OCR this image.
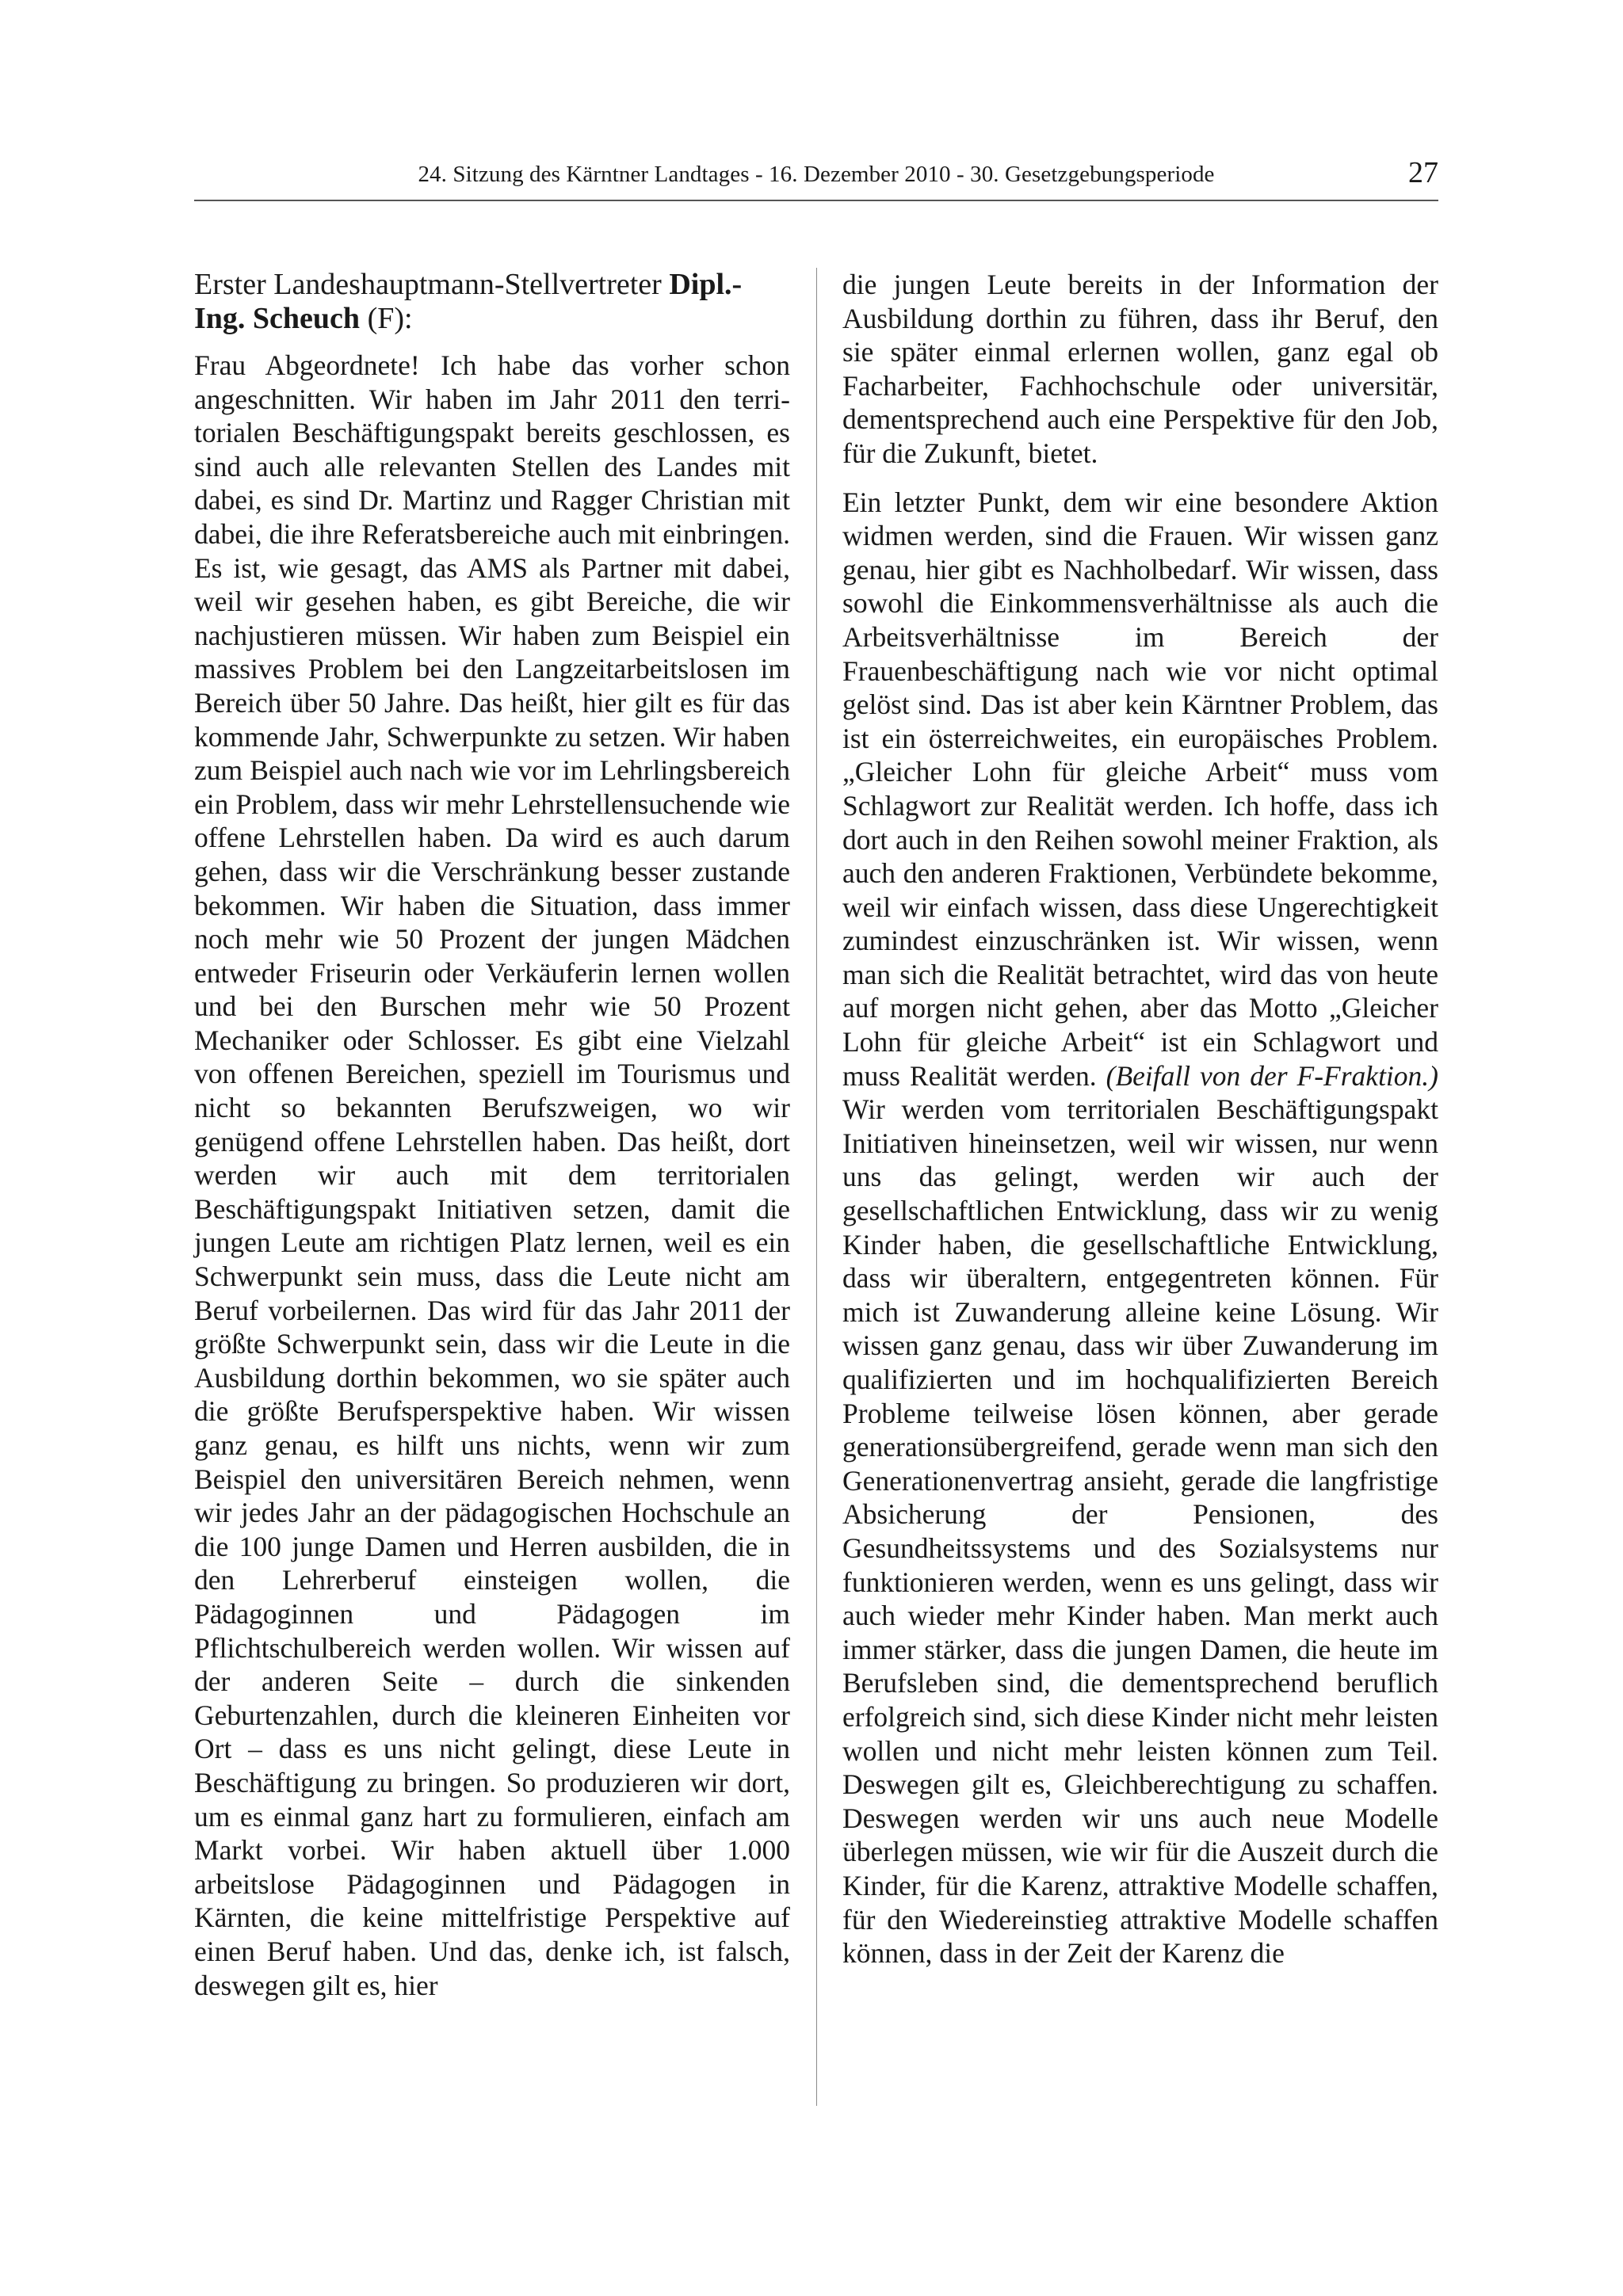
24. Sitzung des Kärntner Landtages - 16. Dezember 2010 - 30. Gesetzgebungsperiode	27
Erster Landeshauptmann-Stellvertreter Dipl.-Ing. Scheuch (F):

Frau Abgeordnete! Ich habe das vorher schon angeschnitten. Wir haben im Jahr 2011 den territorialen Beschäftigungspakt bereits geschlossen, es sind auch alle relevanten Stellen des Landes mit dabei, es sind Dr. Martinz und Ragger Christian mit dabei, die ihre Referatsbereiche auch mit einbringen. Es ist, wie gesagt, das AMS als Partner mit dabei, weil wir gesehen haben, es gibt Bereiche, die wir nachjustieren müssen. Wir haben zum Beispiel ein massives Problem bei den Langzeitarbeitslosen im Bereich über 50 Jahre. Das heißt, hier gilt es für das kommende Jahr, Schwerpunkte zu setzen. Wir haben zum Beispiel auch nach wie vor im Lehrlingsbereich ein Problem, dass wir mehr Lehrstellensuchende wie offene Lehrstellen haben. Da wird es auch darum gehen, dass wir die Verschränkung besser zustande bekommen. Wir haben die Situation, dass immer noch mehr wie 50 Prozent der jungen Mädchen entweder Friseurin oder Verkäuferin lernen wollen und bei den Burschen mehr wie 50 Prozent Mechaniker oder Schlosser. Es gibt eine Vielzahl von offenen Bereichen, speziell im Tourismus und nicht so bekannten Berufszweigen, wo wir genügend offene Lehrstellen haben. Das heißt, dort werden wir auch mit dem territorialen Beschäftigungspakt Initiativen setzen, damit die jungen Leute am richtigen Platz lernen, weil es ein Schwerpunkt sein muss, dass die Leute nicht am Beruf vorbeilernen. Das wird für das Jahr 2011 der größte Schwerpunkt sein, dass wir die Leute in die Ausbildung dorthin bekommen, wo sie später auch die größte Berufsperspektive haben. Wir wissen ganz genau, es hilft uns nichts, wenn wir zum Beispiel den universitären Bereich nehmen, wenn wir jedes Jahr an der pädagogischen Hochschule an die 100 junge Damen und Herren ausbilden, die in den Lehrerberuf einsteigen wollen, die Pädagoginnen und Pädagogen im Pflichtschulbereich werden wollen. Wir wissen auf der anderen Seite – durch die sinkenden Geburtenzahlen, durch die kleineren Einheiten vor Ort – dass es uns nicht gelingt, diese Leute in Beschäftigung zu bringen. So produzieren wir dort, um es einmal ganz hart zu formulieren, einfach am Markt vorbei. Wir haben aktuell über 1.000 arbeitslose Pädagoginnen und Pädagogen in Kärnten, die keine mittelfristige Perspektive auf einen Beruf haben. Und das, denke ich, ist falsch, deswegen gilt es, hier

die jungen Leute bereits in der Information der Ausbildung dorthin zu führen, dass ihr Beruf, den sie später einmal erlernen wollen, ganz egal ob Facharbeiter, Fachhochschule oder universitär, dementsprechend auch eine Perspektive für den Job, für die Zukunft, bietet.

Ein letzter Punkt, dem wir eine besondere Aktion widmen werden, sind die Frauen. Wir wissen ganz genau, hier gibt es Nachholbedarf. Wir wissen, dass sowohl die Einkommensverhältnisse als auch die Arbeitsverhältnisse im Bereich der Frauenbeschäftigung nach wie vor nicht optimal gelöst sind. Das ist aber kein Kärntner Problem, das ist ein österreichweites, ein europäisches Problem. „Gleicher Lohn für gleiche Arbeit“ muss vom Schlagwort zur Realität werden. Ich hoffe, dass ich dort auch in den Reihen sowohl meiner Fraktion, als auch den anderen Fraktionen, Verbündete bekomme, weil wir einfach wissen, dass diese Ungerechtigkeit zumindest einzuschränken ist. Wir wissen, wenn man sich die Realität betrachtet, wird das von heute auf morgen nicht gehen, aber das Motto „Gleicher Lohn für gleiche Arbeit“ ist ein Schlagwort und muss Realität werden. (Beifall von der F-Fraktion.) Wir werden vom territorialen Beschäftigungspakt Initiativen hineinsetzen, weil wir wissen, nur wenn uns das gelingt, werden wir auch der gesellschaftlichen Entwicklung, dass wir zu wenig Kinder haben, die gesellschaftliche Entwicklung, dass wir überaltern, entgegentreten können. Für mich ist Zuwanderung alleine keine Lösung. Wir wissen ganz genau, dass wir über Zuwanderung im qualifizierten und im hochqualifizierten Bereich Probleme teilweise lösen können, aber gerade generationsübergreifend, gerade wenn man sich den Generationenvertrag ansieht, gerade die langfristige Absicherung der Pensionen, des Gesundheitssystems und des Sozialsystems nur funktionieren werden, wenn es uns gelingt, dass wir auch wieder mehr Kinder haben. Man merkt auch immer stärker, dass die jungen Damen, die heute im Berufsleben sind, die dementsprechend beruflich erfolgreich sind, sich diese Kinder nicht mehr leisten wollen und nicht mehr leisten können zum Teil. Deswegen gilt es, Gleichberechtigung zu schaffen. Deswegen werden wir uns auch neue Modelle überlegen müssen, wie wir für die Auszeit durch die Kinder, für die Karenz, attraktive Modelle schaffen, für den Wiedereinstieg attraktive Modelle schaffen können, dass in der Zeit der Karenz die
